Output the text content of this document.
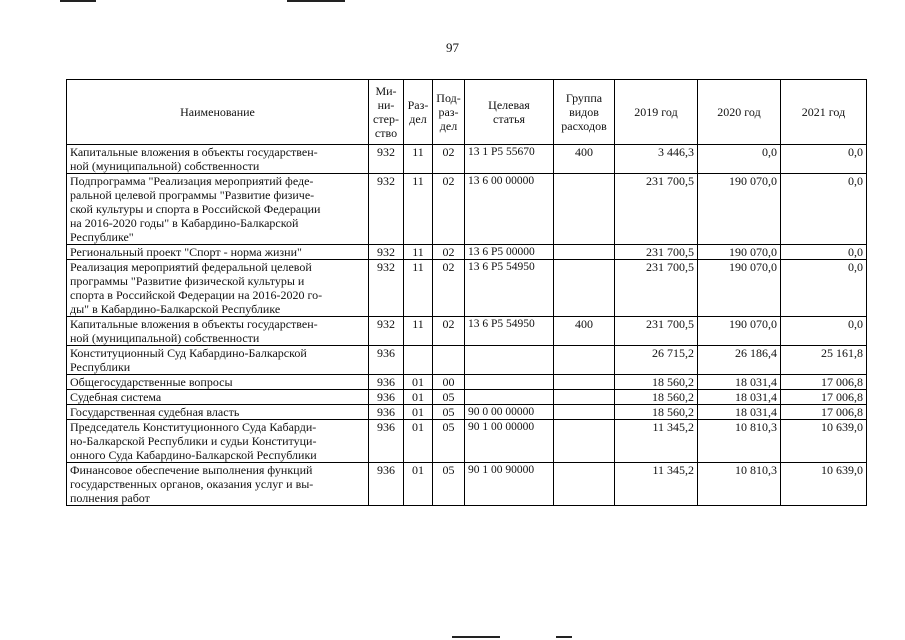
97
Наименование	Ми-
ни-
стер-
ство	Раз-
дел	Под-
раз-
дел	Целевая
статья	Группа
видов
расходов	2019 год	2020 год	2021 год
Капитальные вложения в объекты государствен-
ной (муниципальной) собственности	932	11	02	13 1 P5 55670	400	3 446,3	0,0	0,0
Подпрограмма "Реализация мероприятий феде-
ральной целевой программы "Развитие физиче-
ской культуры и спорта в Российской Федерации
на 2016-2020 годы" в Кабардино-Балкарской
Республике"	932	11	02	13 6 00 00000		231 700,5	190 070,0	0,0
Региональный проект "Спорт - норма жизни"	932	11	02	13 6 P5 00000		231 700,5	190 070,0	0,0
Реализация мероприятий федеральной целевой
программы "Развитие физической культуры и
спорта в Российской Федерации на 2016-2020 го-
ды" в Кабардино-Балкарской Республике	932	11	02	13 6 P5 54950		231 700,5	190 070,0	0,0
Капитальные вложения в объекты государствен-
ной (муниципальной) собственности	932	11	02	13 6 P5 54950	400	231 700,5	190 070,0	0,0
Конституционный Суд Кабардино-Балкарской
Республики	936					26 715,2	26 186,4	25 161,8
Общегосударственные вопросы	936	01	00			18 560,2	18 031,4	17 006,8
Судебная система	936	01	05			18 560,2	18 031,4	17 006,8
Государственная судебная власть	936	01	05	90 0 00 00000		18 560,2	18 031,4	17 006,8
Председатель Конституционного Суда Кабарди-
но-Балкарской Республики и судьи Конституци-
онного Суда Кабардино-Балкарской Республики	936	01	05	90 1 00 00000		11 345,2	10 810,3	10 639,0
Финансовое обеспечение выполнения функций
государственных органов, оказания услуг и вы-
полнения работ	936	01	05	90 1 00 90000		11 345,2	10 810,3	10 639,0
